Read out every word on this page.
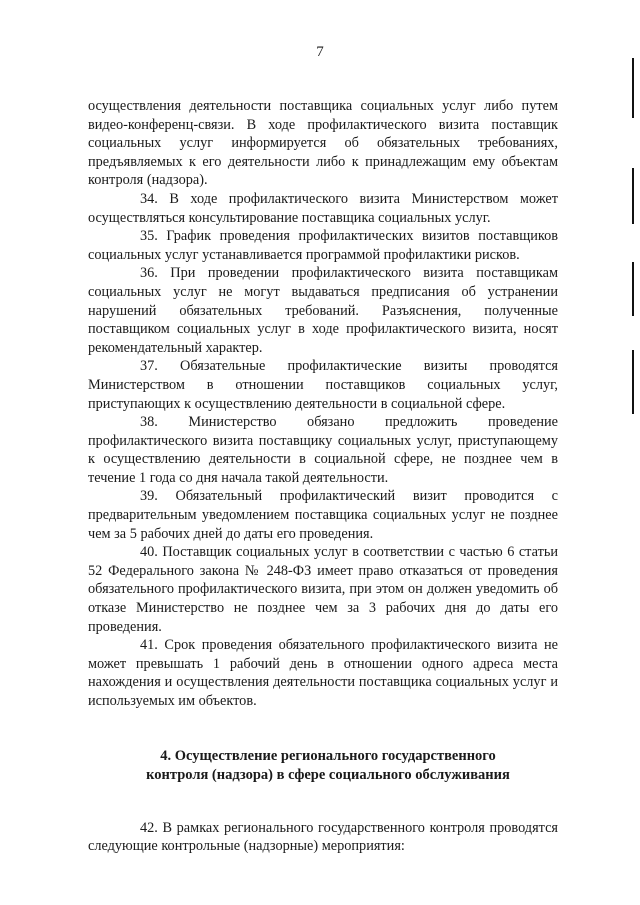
7

осуществления деятельности поставщика социальных услуг либо путем видео-конференц-связи. В ходе профилактического визита поставщик социальных услуг информируется об обязательных требованиях, предъявляемых к его деятельности либо к принадлежащим ему объектам контроля (надзора).

34. В ходе профилактического визита Министерством может осуществляться консультирование поставщика социальных услуг.

35. График проведения профилактических визитов поставщиков социальных услуг устанавливается программой профилактики рисков.

36. При проведении профилактического визита поставщикам социальных услуг не могут выдаваться предписания об устранении нарушений обязательных требований. Разъяснения, полученные поставщиком социальных услуг в ходе профилактического визита, носят рекомендательный характер.

37. Обязательные профилактические визиты проводятся Министерством в отношении поставщиков социальных услуг, приступающих к осуществлению деятельности в социальной сфере.

38. Министерство обязано предложить проведение профилактического визита поставщику социальных услуг, приступающему к осуществлению деятельности в социальной сфере, не позднее чем в течение 1 года со дня начала такой деятельности.

39. Обязательный профилактический визит проводится с предварительным уведомлением поставщика социальных услуг не позднее чем за 5 рабочих дней до даты его проведения.

40. Поставщик социальных услуг в соответствии с частью 6 статьи 52 Федерального закона № 248-ФЗ имеет право отказаться от проведения обязательного профилактического визита, при этом он должен уведомить об отказе Министерство не позднее чем за 3 рабочих дня до даты его проведения.

41. Срок проведения обязательного профилактического визита не может превышать 1 рабочий день в отношении одного адреса места нахождения и осуществления деятельности поставщика социальных услуг и используемых им объектов.

4. Осуществление регионального государственного
контроля (надзора) в сфере социального обслуживания

42. В рамках регионального государственного контроля проводятся следующие контрольные (надзорные) мероприятия:
